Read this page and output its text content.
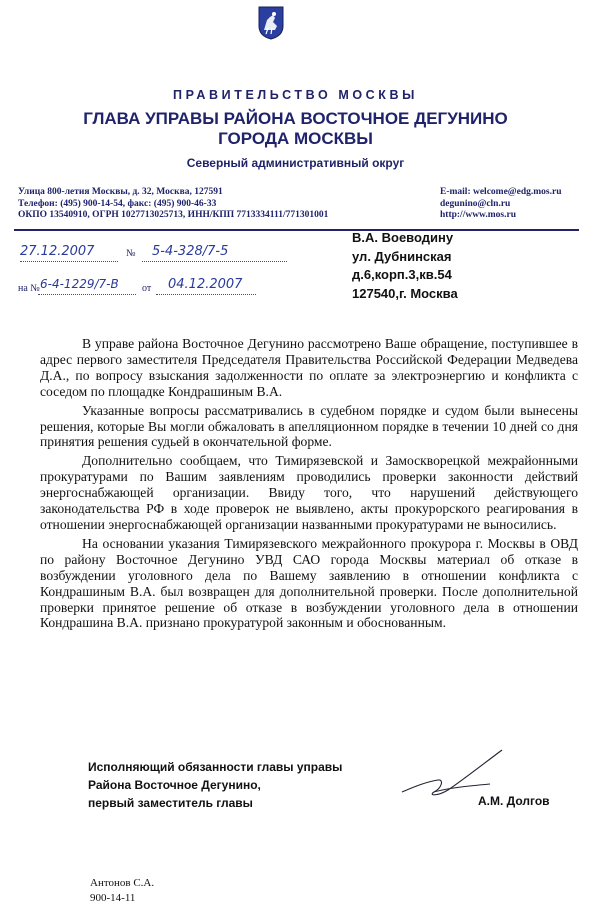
ПРАВИТЕЛЬСТВО МОСКВЫ
ГЛАВА УПРАВЫ РАЙОНА ВОСТОЧНОЕ ДЕГУНИНО
ГОРОДА МОСКВЫ
Северный административный округ
Улица 800-летия Москвы, д. 32, Москва, 127591
Телефон: (495) 900-14-54, факс: (495) 900-46-33
ОКПО 13540910, ОГРН 1027713025713, ИНН/КПП 7713334111/771301001
E-mail: welcome@edg.mos.ru
degunino@cln.ru
http://www.mos.ru
27.12.2007	№ 5-4-328/7-5
на № 6-4-1229/7-В от 04.12.2007
В.А. Воеводину
ул. Дубнинская
д.6,корп.3,кв.54
127540,г. Москва

В управе района Восточное Дегунино рассмотрено Ваше обращение, поступившее в адрес первого заместителя Председателя Правительства Российской Федерации Медведева Д.А., по вопросу взыскания задолженности по оплате за электроэнергию и конфликта с соседом по площадке Кондрашиным В.А.

Указанные вопросы рассматривались в судебном порядке и судом были вынесены решения, которые Вы могли обжаловать в апелляционном порядке в течении 10 дней со дня принятия решения судьей в окончательной форме.

Дополнительно сообщаем, что Тимирязевской и Замоскворецкой межрайонными прокуратурами по Вашим заявлениям проводились проверки законности действий энергоснабжающей организации. Ввиду того, что нарушений действующего законодательства РФ в ходе проверок не выявлено, акты прокурорского реагирования в отношении энергоснабжающей организации названными прокуратурами не выносились.

На основании указания Тимирязевского межрайонного прокурора г. Москвы в ОВД по району Восточное Дегунино УВД САО города Москвы материал об отказе в возбуждении уголовного дела по Вашему заявлению в отношении конфликта с Кондрашиным В.А. был возвращен для дополнительной проверки. После дополнительной проверки принятое решение об отказе в возбуждении уголовного дела в отношении Кондрашина В.А. признано прокуратурой законным и обоснованным.

Исполняющий обязанности главы управы
Района Восточное Дегунино,
первый заместитель главы	А.М. Долгов
Антонов С.А.
900-14-11
